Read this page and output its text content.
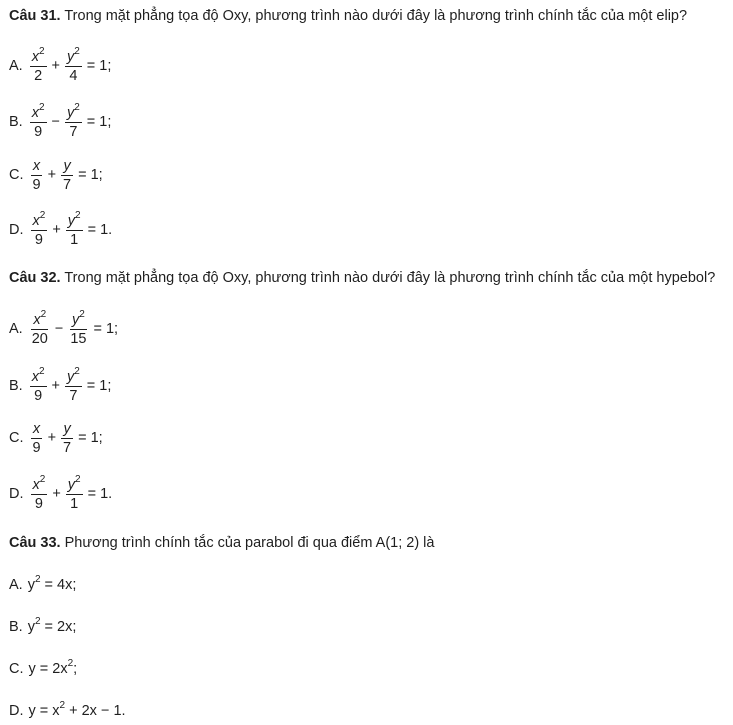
Câu 31. Trong mặt phẳng tọa độ Oxy, phương trình nào dưới đây là phương trình chính tắc của một elip?
A. $\frac{x^2}{2} + \frac{y^2}{4} = 1$;
B. $\frac{x^2}{9} - \frac{y^2}{7} = 1$;
C. $\frac{x}{9} + \frac{y}{7} = 1$;
D. $\frac{x^2}{9} + \frac{y^2}{1} = 1$.
Câu 32. Trong mặt phẳng tọa độ Oxy, phương trình nào dưới đây là phương trình chính tắc của một hypebol?
A. $\frac{x^2}{20} - \frac{y^2}{15} = 1$;
B. $\frac{x^2}{9} + \frac{y^2}{7} = 1$;
C. $\frac{x}{9} + \frac{y}{7} = 1$;
D. $\frac{x^2}{9} + \frac{y^2}{1} = 1$.
Câu 33. Phương trình chính tắc của parabol đi qua điểm A(1; 2) là
A. $y^2 = 4x$;
B. $y^2 = 2x$;
C. $y = 2x^2$;
D. $y = x^2 + 2x - 1$.
